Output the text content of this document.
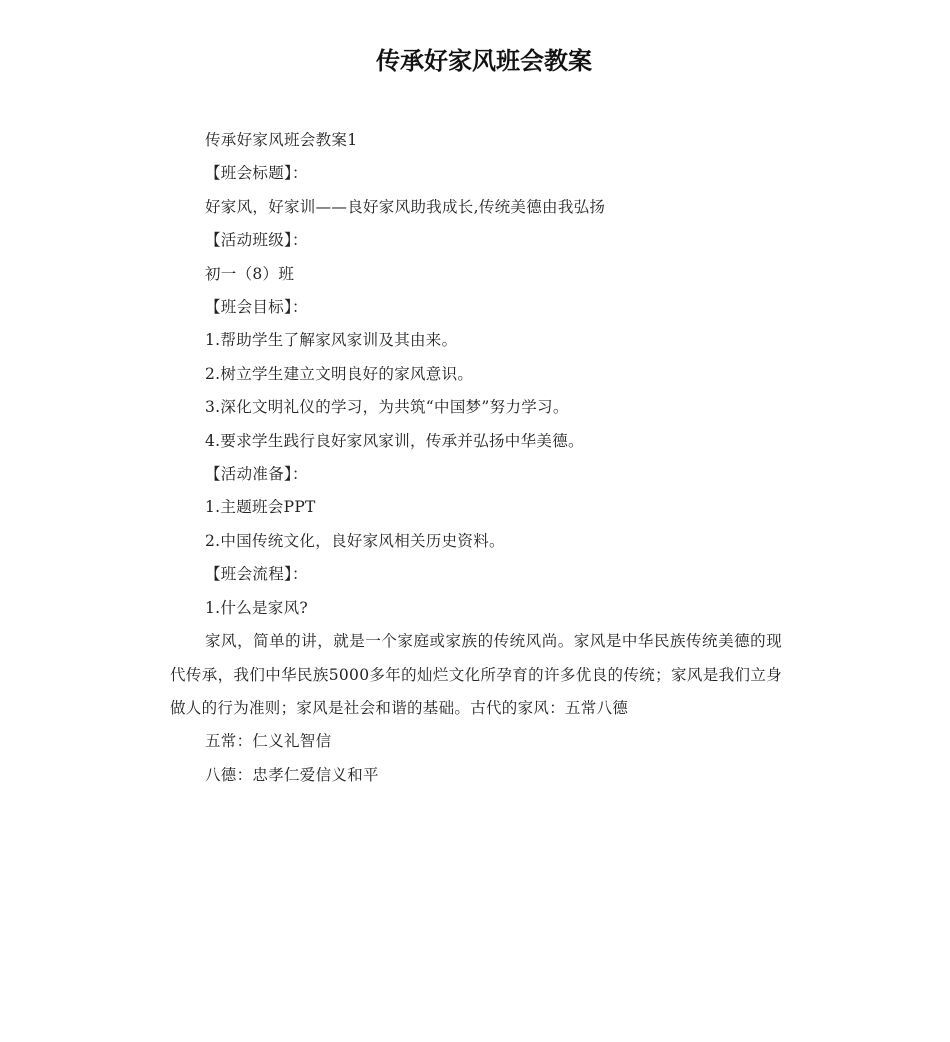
传承好家风班会教案

传承好家风班会教案1

【班会标题】：

好家风，好家训——良好家风助我成长,传统美德由我弘扬

【活动班级】：

初一（8）班

【班会目标】：

1.帮助学生了解家风家训及其由来。

2.树立学生建立文明良好的家风意识。

3.深化文明礼仪的学习，为共筑“中国梦”努力学习。

4.要求学生践行良好家风家训，传承并弘扬中华美德。

【活动准备】：

1.主题班会PPT

2.中国传统文化，良好家风相关历史资料。

【班会流程】：

1.什么是家风?

家风，简单的讲，就是一个家庭或家族的传统风尚。家风是中华民族传统美德的现代传承，我们中华民族5000多年的灿烂文化所孕育的许多优良的传统；家风是我们立身做人的行为准则；家风是社会和谐的基础。古代的家风：五常八德

五常：仁义礼智信

八德：忠孝仁爱信义和平
